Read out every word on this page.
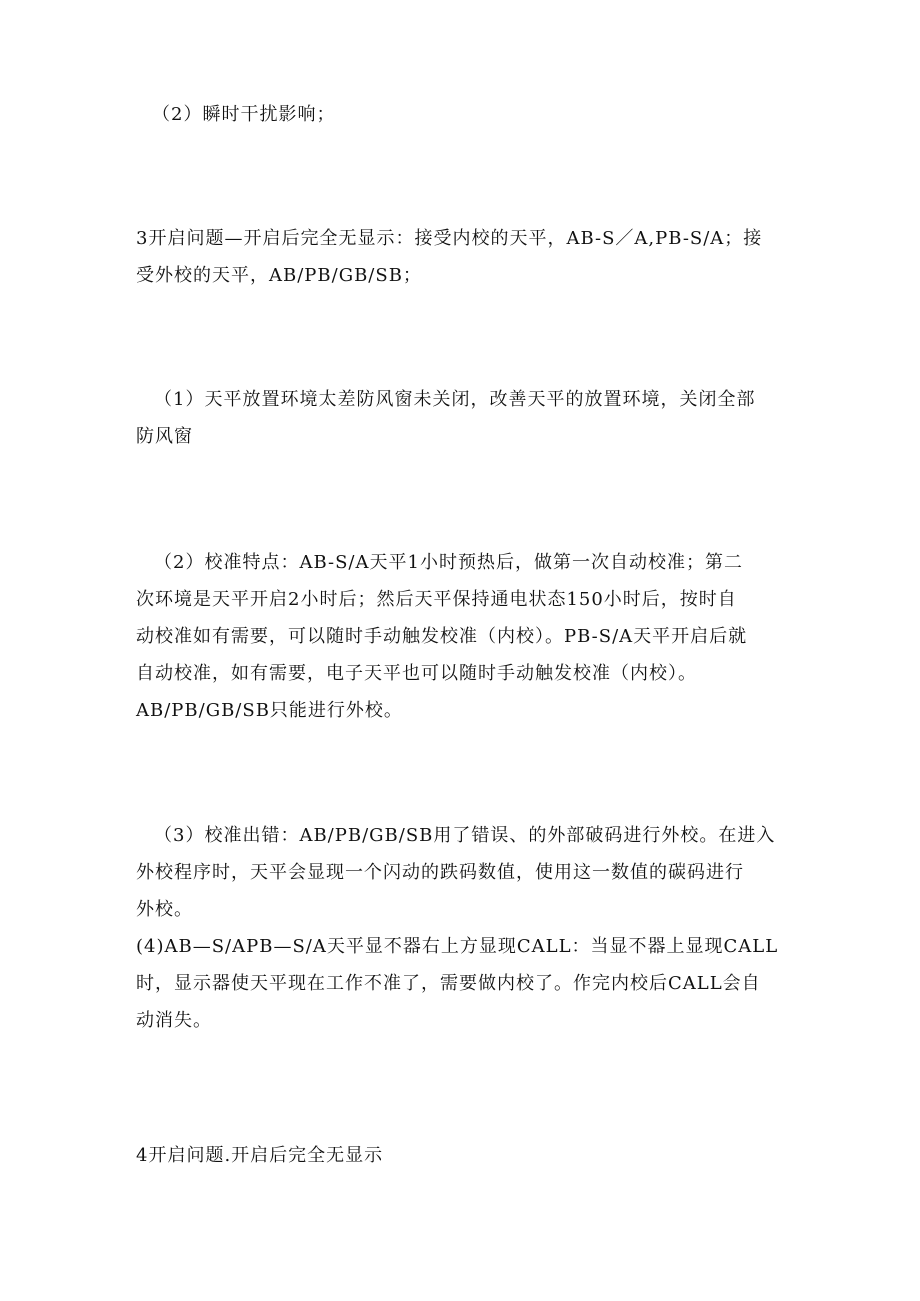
（2）瞬时干扰影响；
3开启问题—开启后完全无显示：接受内校的天平，AB-S／A,PB-S/A；接
受外校的天平，AB/PB/GB/SB；
（1）天平放置环境太差防风窗未关闭，改善天平的放置环境，关闭全部
防风窗
（2）校准特点：AB-S/A天平1小时预热后，做第一次自动校准；第二
次环境是天平开启2小时后；然后天平保持通电状态150小时后，按时自
动校准如有需要，可以随时手动触发校准（内校）。PB-S/A天平开启后就
自动校准，如有需要，电子天平也可以随时手动触发校准（内校）。
AB/PB/GB/SB只能进行外校。
（3）校准出错：AB/PB/GB/SB用了错误、的外部破码进行外校。在进入
外校程序时，天平会显现一个闪动的跌码数值，使用这一数值的碳码进行
外校。
(4)AB—S/APB—S/A天平显不器右上方显现CALL：当显不器上显现CALL
时，显示器使天平现在工作不准了，需要做内校了。作完内校后CALL会自
动消失。
4开启问题.开启后完全无显示
